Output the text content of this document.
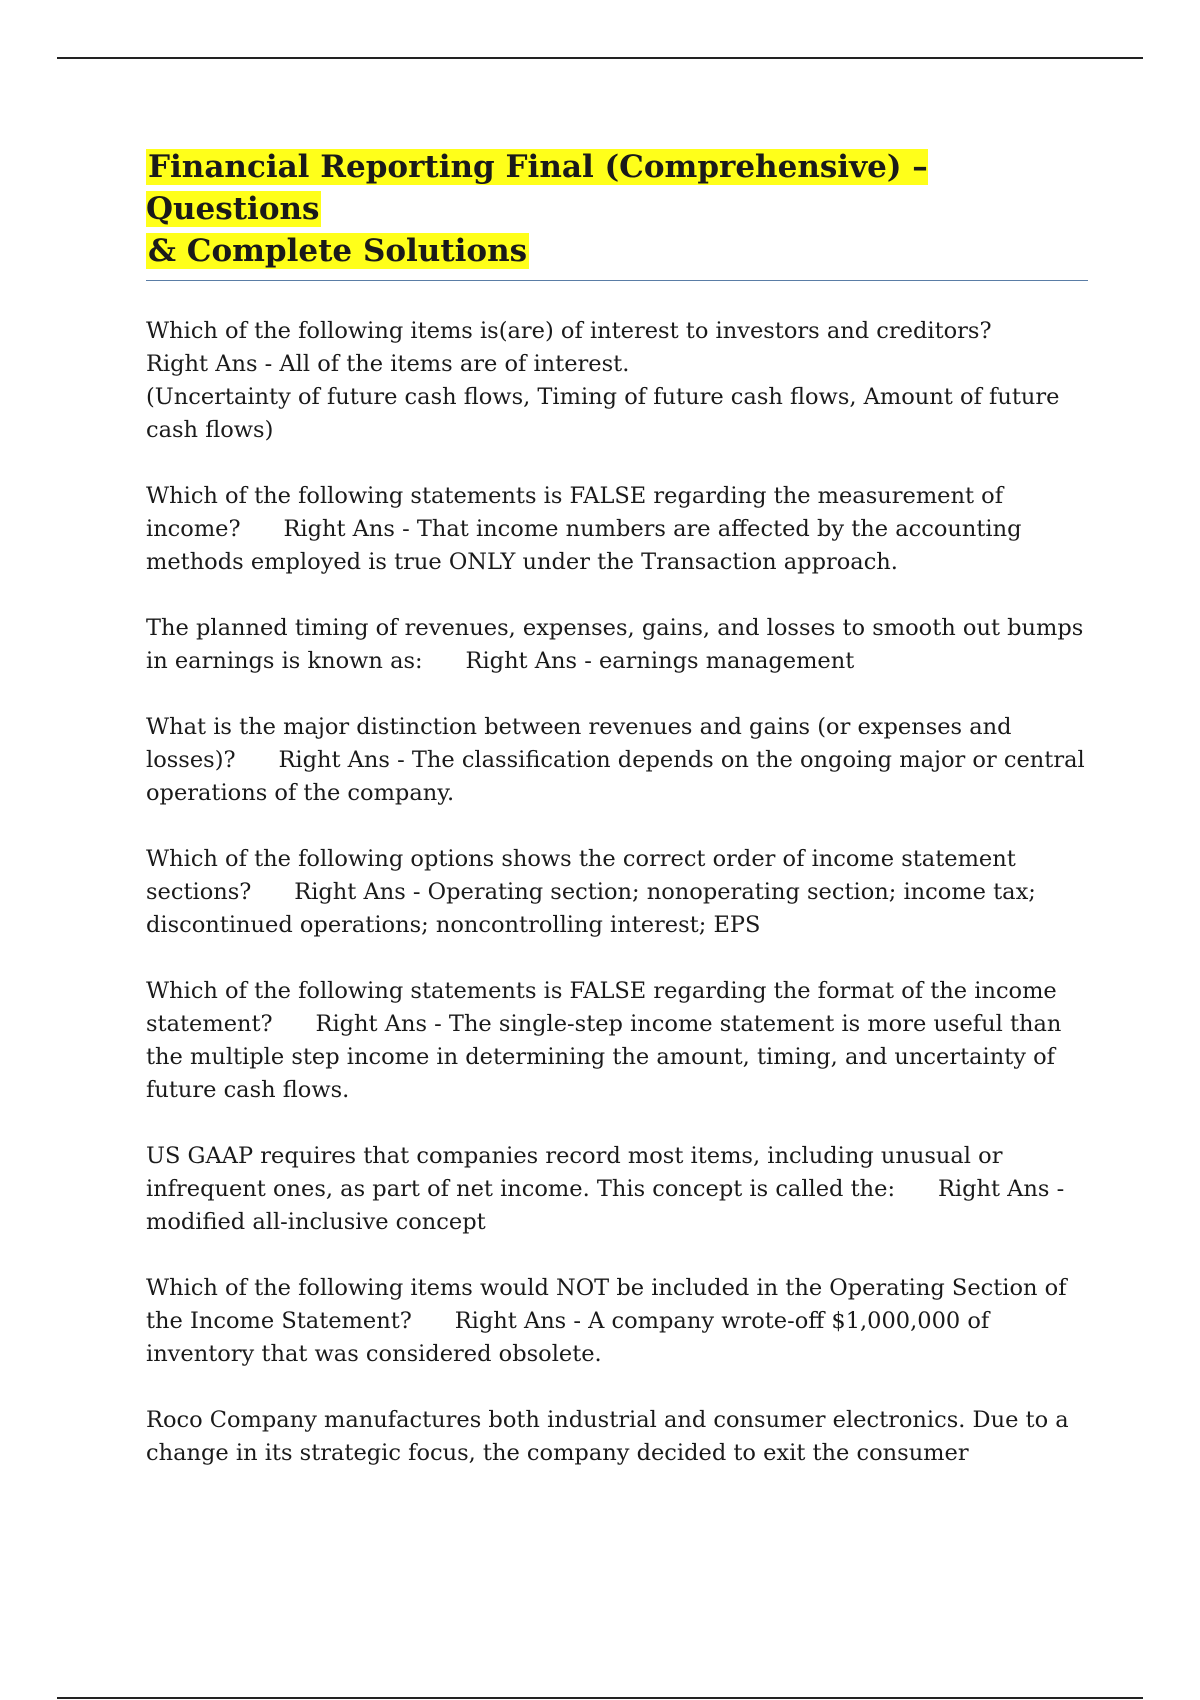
Financial Reporting Final (Comprehensive) –Questions
& Complete Solutions

Which of the following items is(are) of interest to investors and creditors?
Right Ans - All of the items are of interest.
(Uncertainty of future cash flows, Timing of future cash flows, Amount of future cash flows)

Which of the following statements is FALSE regarding the measurement of income?      Right Ans - That income numbers are affected by the accounting methods employed is true ONLY under the Transaction approach.

The planned timing of revenues, expenses, gains, and losses to smooth out bumps in earnings is known as:      Right Ans - earnings management

What is the major distinction between revenues and gains (or expenses and losses)?      Right Ans - The classification depends on the ongoing major or central operations of the company.

Which of the following options shows the correct order of income statement sections?      Right Ans - Operating section; nonoperating section; income tax; discontinued operations; noncontrolling interest; EPS

Which of the following statements is FALSE regarding the format of the income statement?      Right Ans - The single-step income statement is more useful than the multiple step income in determining the amount, timing, and uncertainty of future cash flows.

US GAAP requires that companies record most items, including unusual or infrequent ones, as part of net income. This concept is called the:      Right Ans - modified all-inclusive concept

Which of the following items would NOT be included in the Operating Section of the Income Statement?      Right Ans - A company wrote-off $1,000,000 of inventory that was considered obsolete.

Roco Company manufactures both industrial and consumer electronics. Due to a change in its strategic focus, the company decided to exit the consumer
